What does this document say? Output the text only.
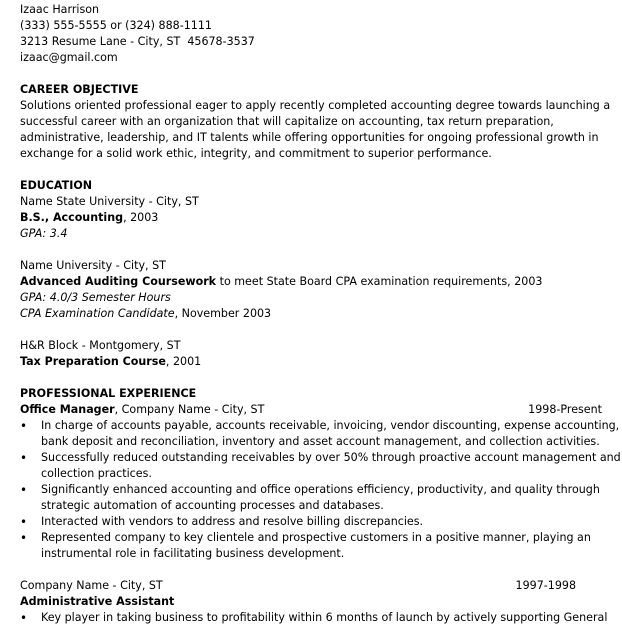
Izaac Harrison
(333) 555-5555 or (324) 888-1111
3213 Resume Lane - City, ST  45678-3537
izaac@gmail.com
CAREER OBJECTIVE
Solutions oriented professional eager to apply recently completed accounting degree towards launching a
successful career with an organization that will capitalize on accounting, tax return preparation,
administrative, leadership, and IT talents while offering opportunities for ongoing professional growth in
exchange for a solid work ethic, integrity, and commitment to superior performance.
EDUCATION
Name State University - City, ST
B.S., Accounting, 2003
GPA: 3.4
Name University - City, ST
Advanced Auditing Coursework to meet State Board CPA examination requirements, 2003
GPA: 4.0/3 Semester Hours
CPA Examination Candidate, November 2003
H&R Block - Montgomery, ST
Tax Preparation Course, 2001
PROFESSIONAL EXPERIENCE
Office Manager, Company Name - City, ST	1998-Present
• In charge of accounts payable, accounts receivable, invoicing, vendor discounting, expense accounting,
bank deposit and reconciliation, inventory and asset account management, and collection activities.
• Successfully reduced outstanding receivables by over 50% through proactive account management and
collection practices.
• Significantly enhanced accounting and office operations efficiency, productivity, and quality through
strategic automation of accounting processes and databases.
• Interacted with vendors to address and resolve billing discrepancies.
• Represented company to key clientele and prospective customers in a positive manner, playing an
instrumental role in facilitating business development.
Company Name - City, ST	1997-1998
Administrative Assistant
• Key player in taking business to profitability within 6 months of launch by actively supporting General
